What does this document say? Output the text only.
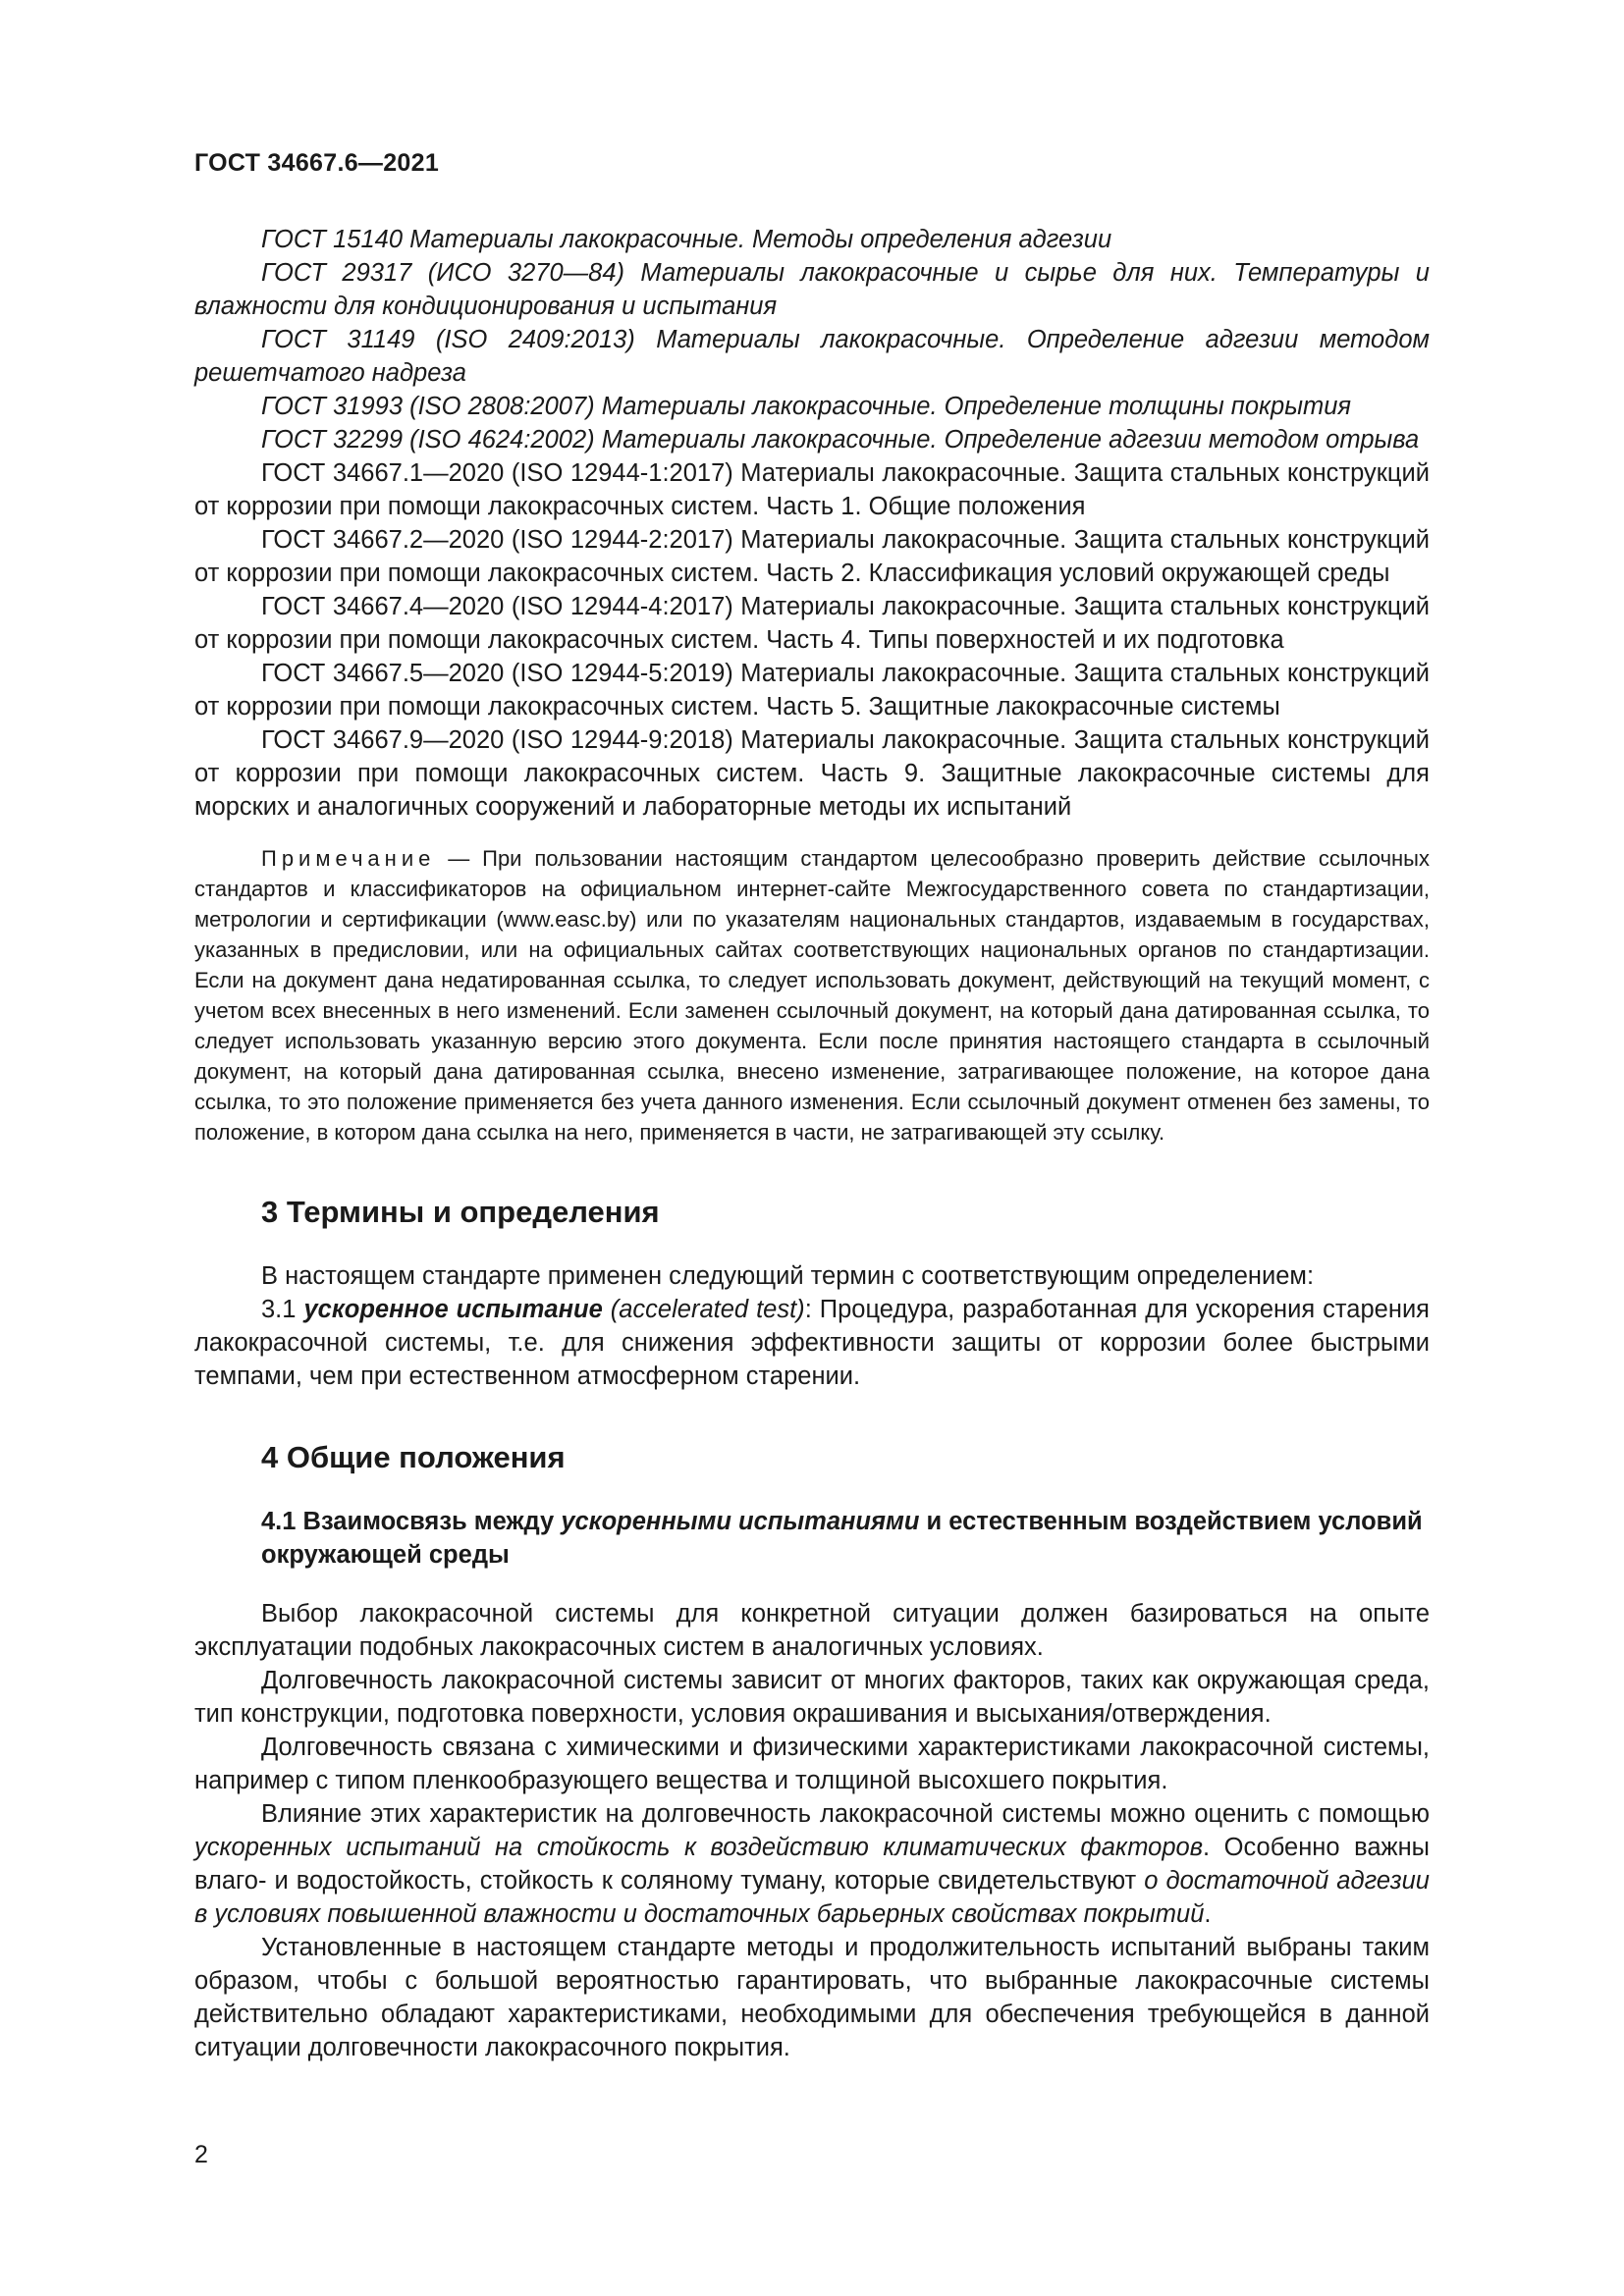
ГОСТ 34667.6—2021

ГОСТ 15140 Материалы лакокрасочные. Методы определения адгезии

ГОСТ 29317 (ИСО 3270—84) Материалы лакокрасочные и сырье для них. Температуры и влажности для кондиционирования и испытания

ГОСТ 31149 (ISO 2409:2013) Материалы лакокрасочные. Определение адгезии методом решетчатого надреза

ГОСТ 31993 (ISO 2808:2007) Материалы лакокрасочные. Определение толщины покрытия

ГОСТ 32299 (ISO 4624:2002) Материалы лакокрасочные. Определение адгезии методом отрыва

ГОСТ 34667.1—2020 (ISO 12944-1:2017) Материалы лакокрасочные. Защита стальных конструкций от коррозии при помощи лакокрасочных систем. Часть 1. Общие положения

ГОСТ 34667.2—2020 (ISO 12944-2:2017) Материалы лакокрасочные. Защита стальных конструкций от коррозии при помощи лакокрасочных систем. Часть 2. Классификация условий окружающей среды

ГОСТ 34667.4—2020 (ISO 12944-4:2017) Материалы лакокрасочные. Защита стальных конструкций от коррозии при помощи лакокрасочных систем. Часть 4. Типы поверхностей и их подготовка

ГОСТ 34667.5—2020 (ISO 12944-5:2019) Материалы лакокрасочные. Защита стальных конструкций от коррозии при помощи лакокрасочных систем. Часть 5. Защитные лакокрасочные системы

ГОСТ 34667.9—2020 (ISO 12944-9:2018) Материалы лакокрасочные. Защита стальных конструкций от коррозии при помощи лакокрасочных систем. Часть 9. Защитные лакокрасочные системы для морских и аналогичных сооружений и лабораторные методы их испытаний

Примечание — При пользовании настоящим стандартом целесообразно проверить действие ссылочных стандартов и классификаторов на официальном интернет-сайте Межгосударственного совета по стандартизации, метрологии и сертификации (www.easc.by) или по указателям национальных стандартов, издаваемым в государствах, указанных в предисловии, или на официальных сайтах соответствующих национальных органов по стандартизации. Если на документ дана недатированная ссылка, то следует использовать документ, действующий на текущий момент, с учетом всех внесенных в него изменений. Если заменен ссылочный документ, на который дана датированная ссылка, то следует использовать указанную версию этого документа. Если после принятия настоящего стандарта в ссылочный документ, на который дана датированная ссылка, внесено изменение, затрагивающее положение, на которое дана ссылка, то это положение применяется без учета данного изменения. Если ссылочный документ отменен без замены, то положение, в котором дана ссылка на него, применяется в части, не затрагивающей эту ссылку.

3 Термины и определения

В настоящем стандарте применен следующий термин с соответствующим определением:

3.1 ускоренное испытание (accelerated test): Процедура, разработанная для ускорения старения лакокрасочной системы, т.е. для снижения эффективности защиты от коррозии более быстрыми темпами, чем при естественном атмосферном старении.

4 Общие положения
4.1 Взаимосвязь между ускоренными испытаниями и естественным воздействием условий окружающей среды

Выбор лакокрасочной системы для конкретной ситуации должен базироваться на опыте эксплуатации подобных лакокрасочных систем в аналогичных условиях.

Долговечность лакокрасочной системы зависит от многих факторов, таких как окружающая среда, тип конструкции, подготовка поверхности, условия окрашивания и высыхания/отверждения.

Долговечность связана с химическими и физическими характеристиками лакокрасочной системы, например с типом пленкообразующего вещества и толщиной высохшего покрытия.

Влияние этих характеристик на долговечность лакокрасочной системы можно оценить с помощью ускоренных испытаний на стойкость к воздействию климатических факторов. Особенно важны влаго- и водостойкость, стойкость к соляному туману, которые свидетельствуют о достаточной адгезии в условиях повышенной влажности и достаточных барьерных свойствах покрытий.

Установленные в настоящем стандарте методы и продолжительность испытаний выбраны таким образом, чтобы с большой вероятностью гарантировать, что выбранные лакокрасочные системы действительно обладают характеристиками, необходимыми для обеспечения требующейся в данной ситуации долговечности лакокрасочного покрытия.

2
